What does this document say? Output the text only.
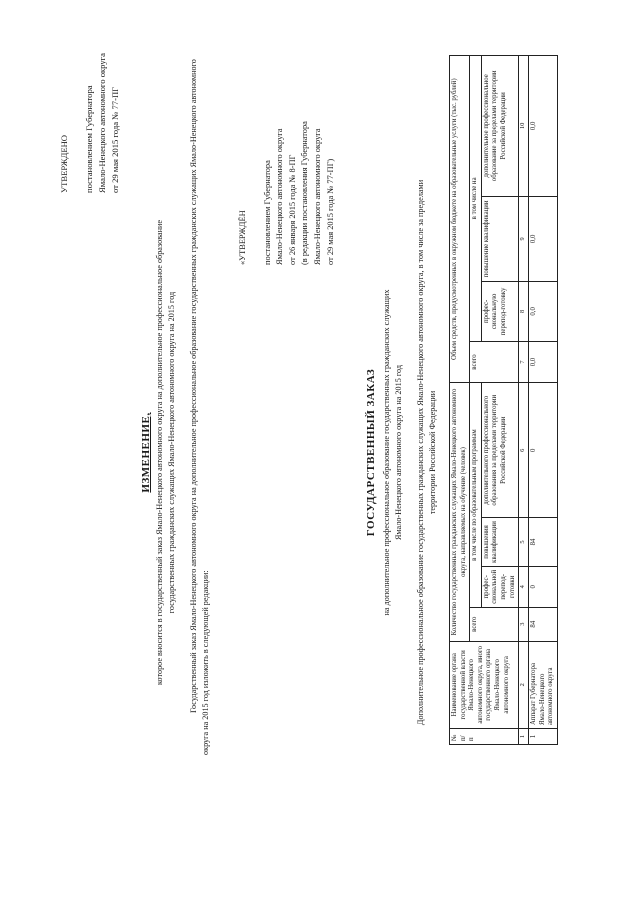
УТВЕРЖДЕНО постановлением Губернатора Ямало-Ненецкого автономного округа от 29 мая 2015 года № 77-ПГ
ИЗМЕНЕНИЕ, которое вносится в государственный заказ Ямало-Ненецкого автономного округа на дополнительное профессиональное образование государственных гражданских служащих Ямало-Ненецкого автономного округа на 2015 год Государственный заказ Ямало-Ненецкого автономного округа на дополнительное профессиональное образование государственных гражданских служащих Ямало-Ненецкого автономного округа на 2015 год изложить в следующей редакции:
«УТВЕРЖДЁН	постановлением Губернатора Ямало-Ненецкого автономного округа от 26 января 2015 года № 8-ПГ (в редакции постановления Губернатора Ямало-Ненецкого автономного округа от 29 мая 2015 года № 77-ПГ)
ГОСУДАРСТВЕННЫЙ ЗАКАЗ на дополнительное профессиональное образование государственных гражданских служащих Ямало-Ненецкого автономного округа на 2015 год Дополнительное профессиональное образование государственных гражданских служащих Ямало-Ненецкого автономного округа, в том числе за пределами территории Российской Федерации
№ п/п	Наименование органа государственной власти Ямало-Ненецкого автономного округа, иного государственного органа Ямало-Ненецкого автономного округа	Количество государственных гражданских служащих Ямало-Ненецкого автономного округа, направляемых на обучение (человек)				Объем средств, предусмотренных в окружном бюджете на образовательные услуги (тыс. рублей)			
		всего	в том числе по образовательным программам			всего	в том числе на		
			профес-сиональной перепод-готовки	повышения квалификации	дополнительного профессионального образования за пределами территории Российской Федерации		профес-сиональную перепод-готовку	повышение квалификации	дополнительное профессиональное образование за пределами территории Российской Федерации
1	2	3	4	5	6	7	8	9	10
1	Аппарат Губернатора Ямало-Ненецкого автономного округа	84	0	84	0	0,0	0,0	0,0	0,0
